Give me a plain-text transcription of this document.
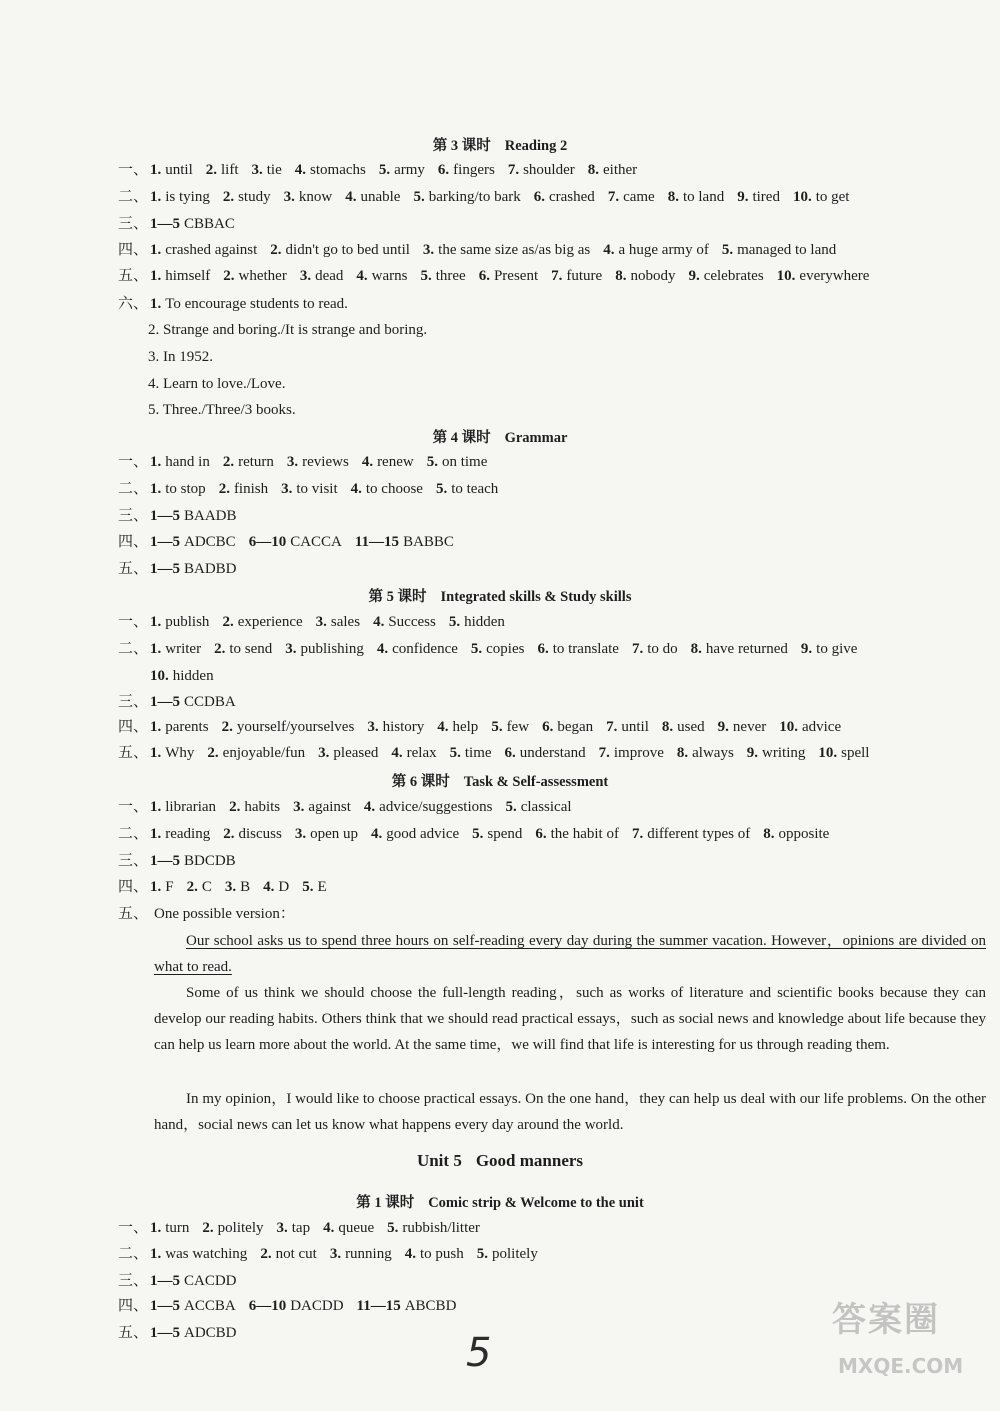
第 3 课时 Reading 2
一、 1. until 2. lift 3. tie 4. stomachs 5. army 6. fingers 7. shoulder 8. either
二、 1. is tying 2. study 3. know 4. unable 5. barking/to bark 6. crashed 7. came 8. to land 9. tired 10. to get
三、 1—5 CBBAC
四、 1. crashed against 2. didn't go to bed until 3. the same size as/as big as 4. a huge army of 5. managed to land
五、 1. himself 2. whether 3. dead 4. warns 5. three 6. Present 7. future 8. nobody 9. celebrates 10. everywhere
六、 1. To encourage students to read.
2. Strange and boring./It is strange and boring.
3. In 1952.
4. Learn to love./Love.
5. Three./Three/3 books.
第 4 课时 Grammar
一、 1. hand in 2. return 3. reviews 4. renew 5. on time
二、 1. to stop 2. finish 3. to visit 4. to choose 5. to teach
三、 1—5 BAADB
四、 1—5 ADCBC 6—10 CACCA 11—15 BABBC
五、 1—5 BADBD
第 5 课时 Integrated skills & Study skills
一、 1. publish 2. experience 3. sales 4. Success 5. hidden
二、 1. writer 2. to send 3. publishing 4. confidence 5. copies 6. to translate 7. to do 8. have returned 9. to give
10. hidden
三、 1—5 CCDBA
四、 1. parents 2. yourself/yourselves 3. history 4. help 5. few 6. began 7. until 8. used 9. never 10. advice
五、 1. Why 2. enjoyable/fun 3. pleased 4. relax 5. time 6. understand 7. improve 8. always 9. writing 10. spell
第 6 课时 Task & Self-assessment
一、 1. librarian 2. habits 3. against 4. advice/suggestions 5. classical
二、 1. reading 2. discuss 3. open up 4. good advice 5. spend 6. the habit of 7. different types of 8. opposite
三、 1—5 BDCDB
四、 1. F 2. C 3. B 4. D 5. E
五、 One possible version：
Our school asks us to spend three hours on self-reading every day during the summer vacation. However，opinions are divided on what to read.
Some of us think we should choose the full-length reading，such as works of literature and scientific books because they can develop our reading habits. Others think that we should read practical essays，such as social news and knowledge about life because they can help us learn more about the world. At the same time，we will find that life is interesting for us through reading them.
In my opinion，I would like to choose practical essays. On the one hand，they can help us deal with our life problems. On the other hand，social news can let us know what happens every day around the world.
Unit 5 Good manners
第 1 课时 Comic strip & Welcome to the unit
一、 1. turn 2. politely 3. tap 4. queue 5. rubbish/litter
二、 1. was watching 2. not cut 3. running 4. to push 5. politely
三、 1—5 CACDD
四、 1—5 ACCBA 6—10 DACDD 11—15 ABCBD
五、 1—5 ADCBD	5
答案圈
MXQE.COM
